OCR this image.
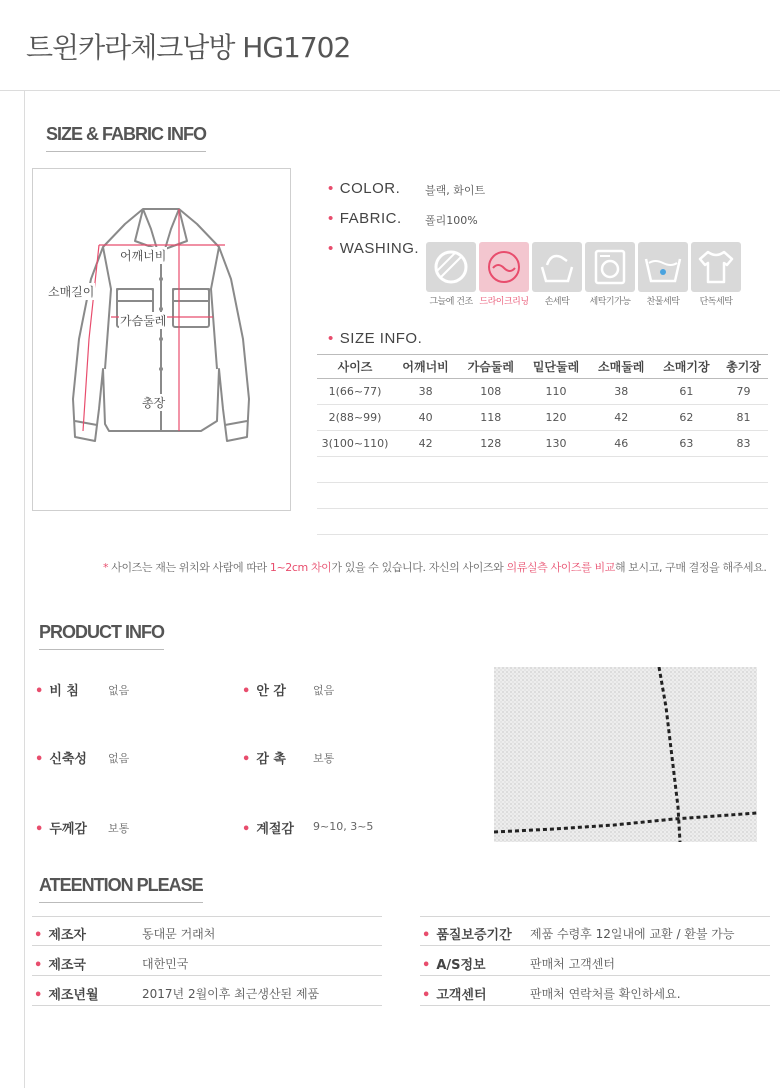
트윈카라체크남방 HG1702
SIZE & FABRIC INFO
어깨너비
소매길이
가슴둘레
총장
• COLOR. 블랙, 화이트
• FABRIC. 폴리100%
• WASHING.
그늘에 건조 드라이크리닝	손세탁	세탁기가능	찬물세탁	단독세탁
• SIZE INFO.
사이즈	어깨너비	가슴둘레	밑단둘레	소매둘레	소매기장	총기장
1(66~77)	38	108	110	38	61	79
2(88~99)	40	118	120	42	62	81
3(100~110)	42	128	130	46	63	83

* 사이즈는 재는 위치와 사람에 따라 1~2cm 차이가 있을 수 있습니다. 자신의 사이즈와 의류실측 사이즈를 비교해 보시고, 구매 결정을 해주세요.
PRODUCT INFO
• 비 침	없음	• 안 감 없음
• 신축성 없음	• 감 촉 보통
• 두께감 보통	• 계절감 9~10, 3~5
ATEENTION PLEASE
• 제조자	동대문 거래처
• 제조국	대한민국
• 제조년월	2017년 2월이후 최근생산된 제품
• 품질보증기간 제품 수령후 12일내에 교환 / 환불 가능
• A/S정보	판매처 고객센터
• 고객센터	판매처 연락처를 확인하세요.
